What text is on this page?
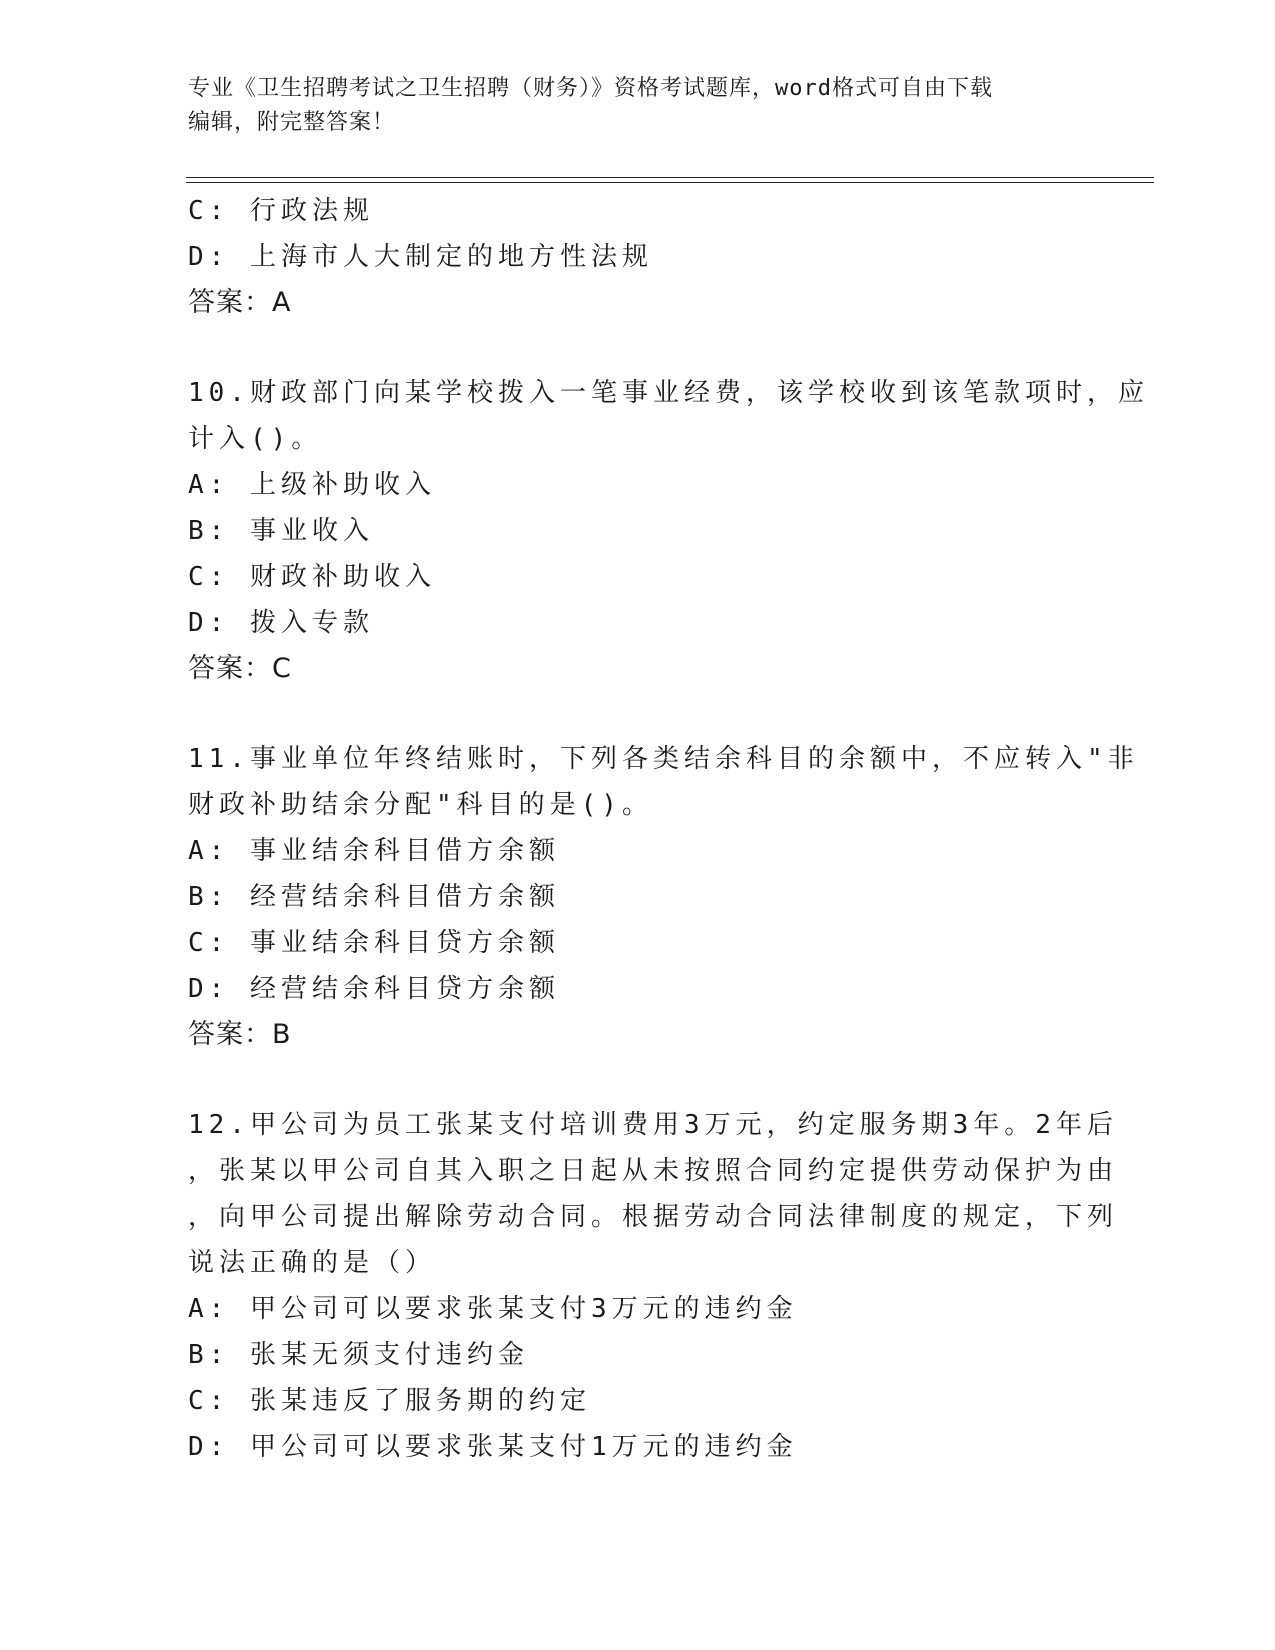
专业《卫生招聘考试之卫生招聘（财务）》资格考试题库，word格式可自由下载
编辑，附完整答案！
C: 行政法规
D: 上海市人大制定的地方性法规
答案：A
10.财政部门向某学校拨入一笔事业经费，该学校收到该笔款项时，应
计入()。
A: 上级补助收入
B: 事业收入
C: 财政补助收入
D: 拨入专款
答案：C
11.事业单位年终结账时，下列各类结余科目的余额中，不应转入"非
财政补助结余分配"科目的是()。
A: 事业结余科目借方余额
B: 经营结余科目借方余额
C: 事业结余科目贷方余额
D: 经营结余科目贷方余额
答案：B
12.甲公司为员工张某支付培训费用3万元，约定服务期3年。2年后
，张某以甲公司自其入职之日起从未按照合同约定提供劳动保护为由
，向甲公司提出解除劳动合同。根据劳动合同法律制度的规定，下列
说法正确的是（）
A: 甲公司可以要求张某支付3万元的违约金
B: 张某无须支付违约金
C: 张某违反了服务期的约定
D: 甲公司可以要求张某支付1万元的违约金
